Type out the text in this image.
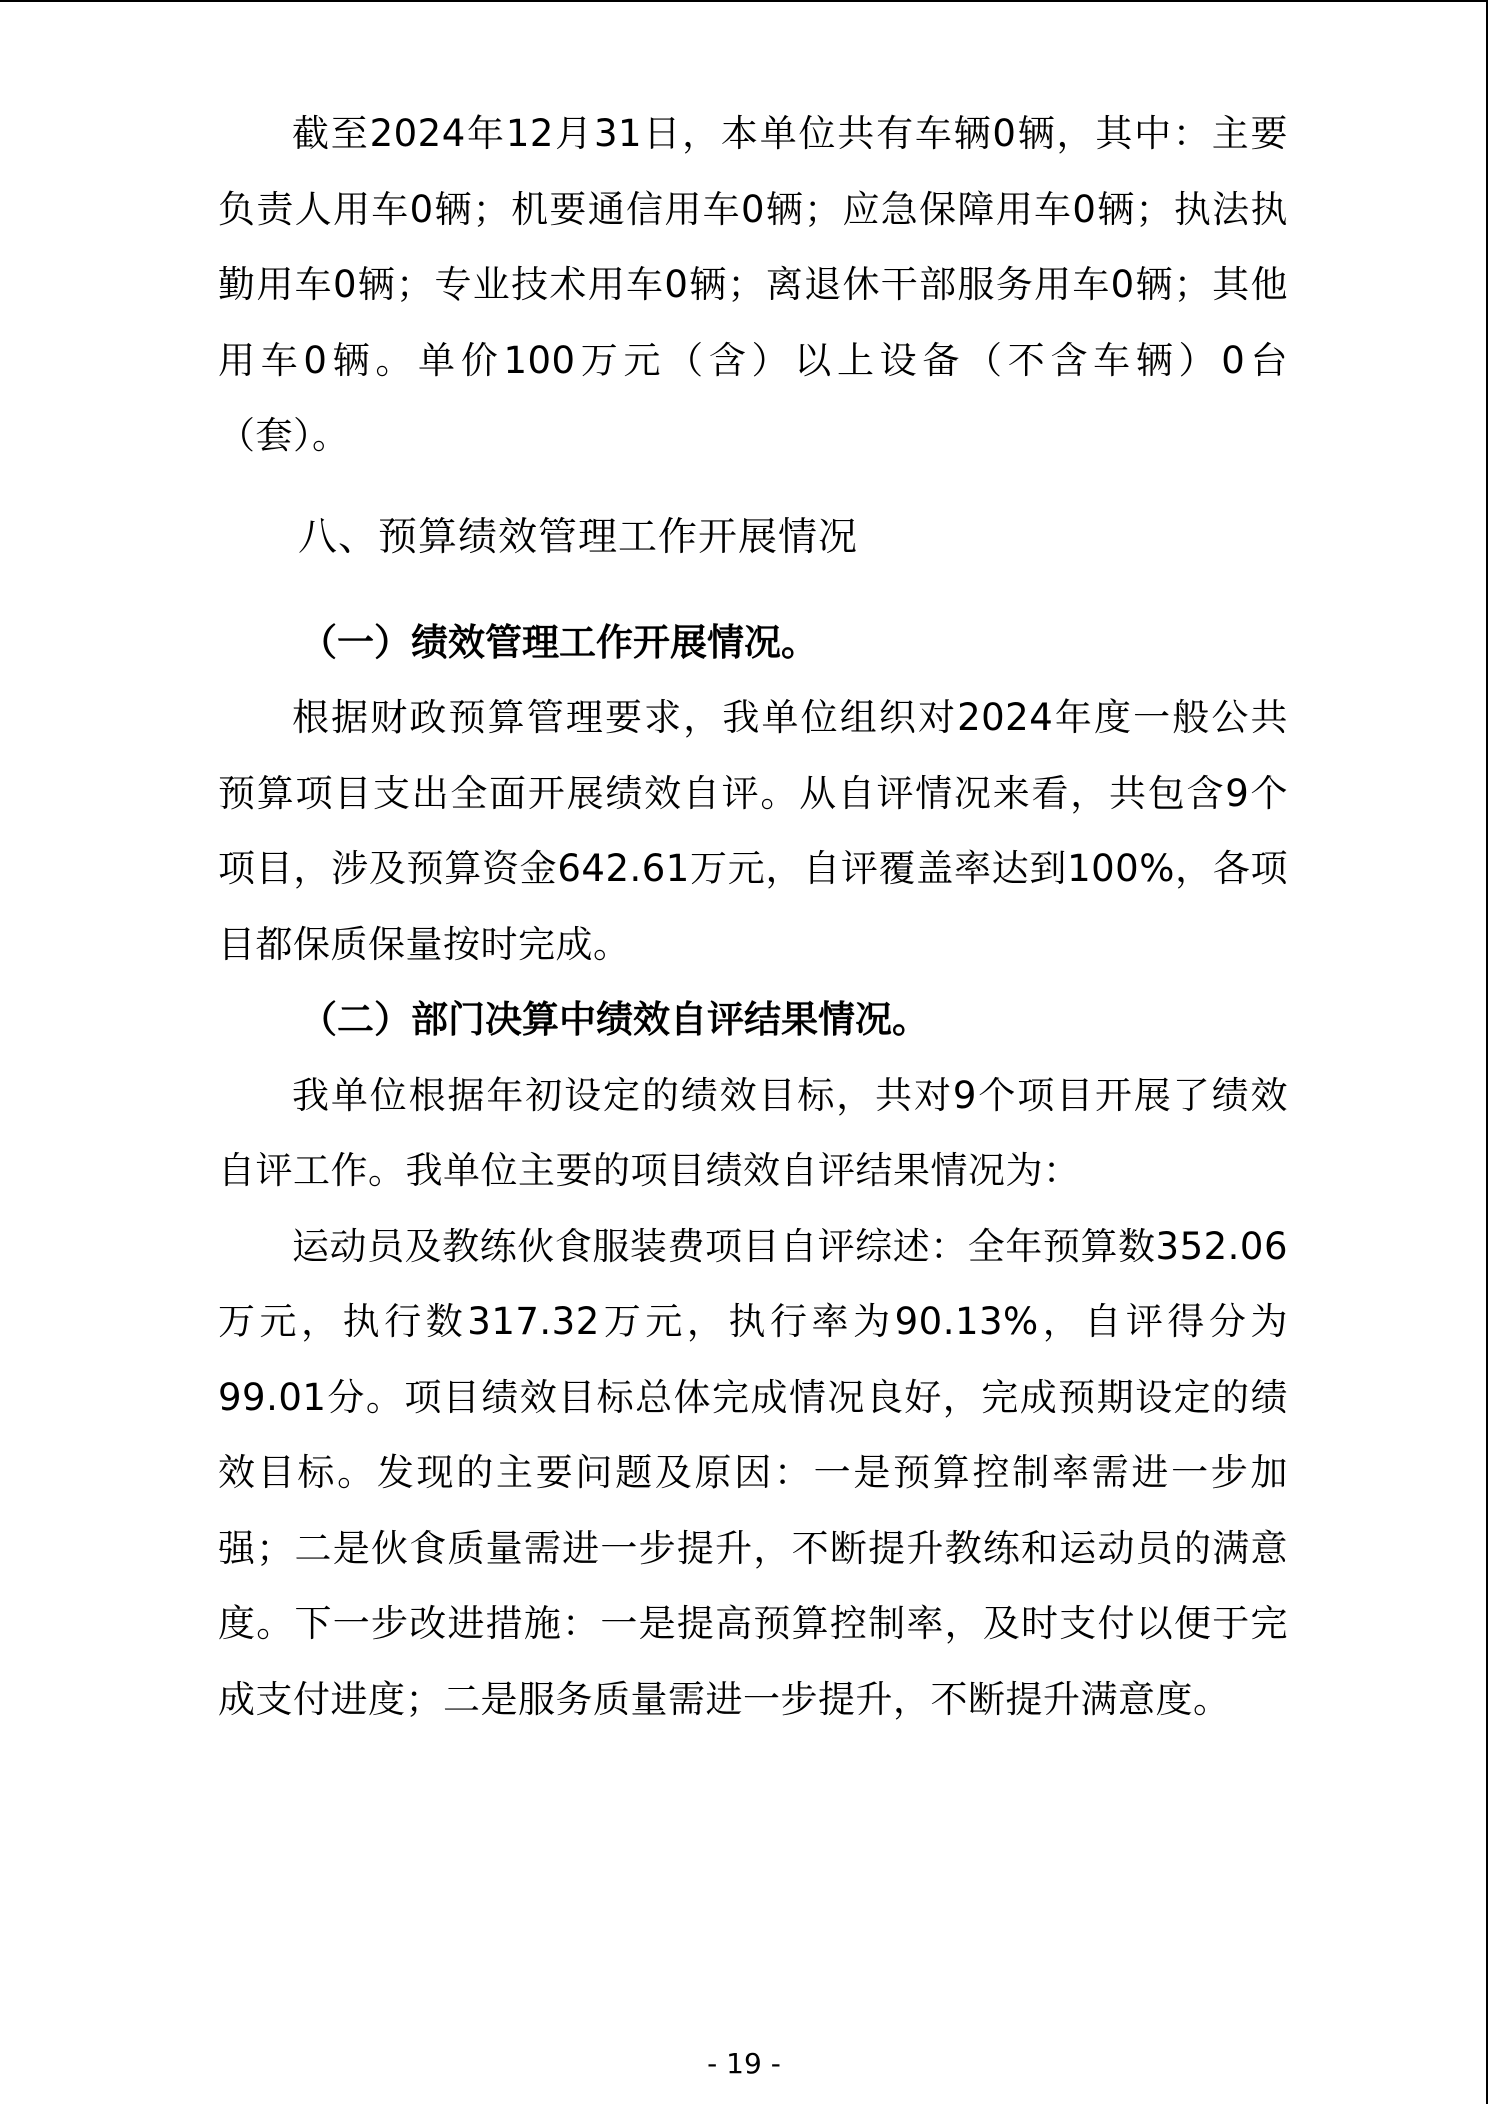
截至2024年12月31日，本单位共有车辆0辆，其中：主要负责人用车0辆；机要通信用车0辆；应急保障用车0辆；执法执勤用车0辆；专业技术用车0辆；离退休干部服务用车0辆；其他用车0辆。单价100万元（含）以上设备（不含车辆）0台（套）。

八、预算绩效管理工作开展情况

（一）绩效管理工作开展情况。

根据财政预算管理要求，我单位组织对2024年度一般公共预算项目支出全面开展绩效自评。从自评情况来看，共包含9个项目，涉及预算资金642.61万元，自评覆盖率达到100%，各项目都保质保量按时完成。

（二）部门决算中绩效自评结果情况。

我单位根据年初设定的绩效目标，共对9个项目开展了绩效自评工作。我单位主要的项目绩效自评结果情况为：

运动员及教练伙食服装费项目自评综述：全年预算数352.06万元，执行数317.32万元，执行率为90.13%，自评得分为99.01分。项目绩效目标总体完成情况良好，完成预期设定的绩效目标。发现的主要问题及原因：一是预算控制率需进一步加强；二是伙食质量需进一步提升，不断提升教练和运动员的满意度。下一步改进措施：一是提高预算控制率，及时支付以便于完成支付进度；二是服务质量需进一步提升，不断提升满意度。

- 19 -
